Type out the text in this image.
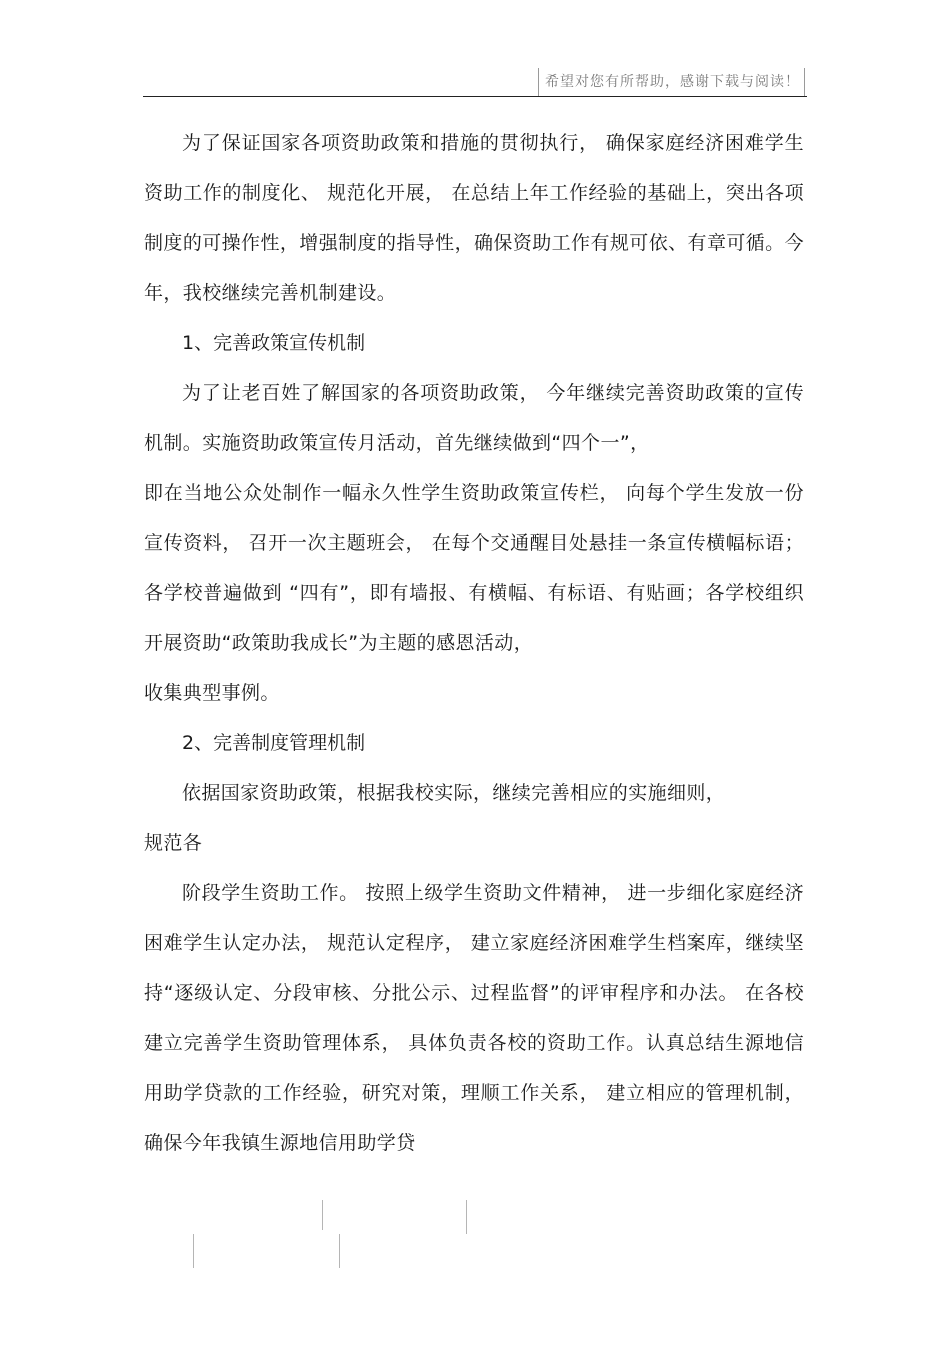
希望对您有所帮助，感谢下载与阅读！

为了保证国家各项资助政策和措施的贯彻执行， 确保家庭经济困难学生资助工作的制度化、 规范化开展， 在总结上年工作经验的基础上，突出各项制度的可操作性，增强制度的指导性，确保资助工作有规可依、有章可循。今年，我校继续完善机制建设。

1、完善政策宣传机制

为了让老百姓了解国家的各项资助政策， 今年继续完善资助政策的宣传机制。实施资助政策宣传月活动，首先继续做到“四个一”，

即在当地公众处制作一幅永久性学生资助政策宣传栏， 向每个学生发放一份宣传资料， 召开一次主题班会， 在每个交通醒目处悬挂一条宣传横幅标语； 各学校普遍做到 “四有”，即有墙报、有横幅、有标语、有贴画；各学校组织开展资助“政策助我成长”为主题的感恩活动，

收集典型事例。

2、完善制度管理机制

依据国家资助政策，根据我校实际，继续完善相应的实施细则，

规范各

阶段学生资助工作。 按照上级学生资助文件精神， 进一步细化家庭经济困难学生认定办法， 规范认定程序， 建立家庭经济困难学生档案库，继续坚持“逐级认定、分段审核、分批公示、过程监督”的评审程序和办法。 在各校建立完善学生资助管理体系， 具体负责各校的资助工作。认真总结生源地信用助学贷款的工作经验，研究对策，理顺工作关系， 建立相应的管理机制， 确保今年我镇生源地信用助学贷
